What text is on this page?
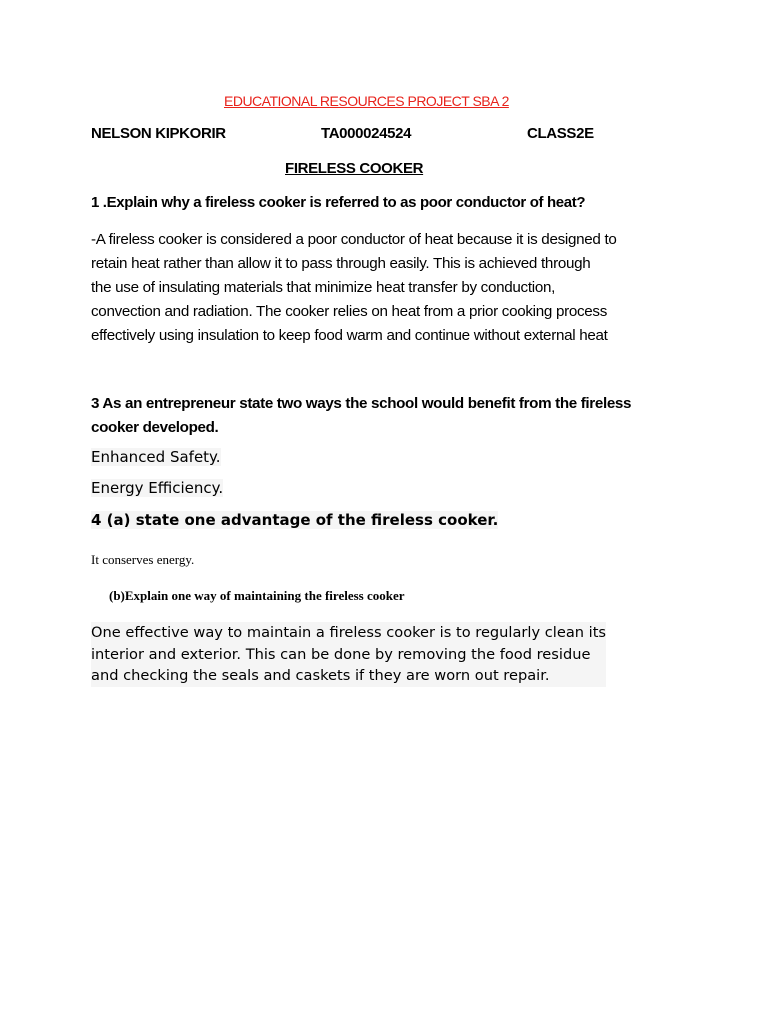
EDUCATIONAL RESOURCES PROJECT SBA 2
NELSON KIPKORIR	TA000024524	CLASS2E
FIRELESS COOKER
1 .Explain why a fireless cooker is referred to as poor conductor of heat?
-A fireless cooker is considered a poor conductor of heat because it is designed to
retain heat rather than allow it to pass through easily. This is achieved through
the use of insulating materials that minimize heat transfer by conduction,
convection and radiation. The cooker relies on heat from a prior cooking process
effectively using insulation to keep food warm and continue without external heat
3 As an entrepreneur state two ways the school would benefit from the fireless
cooker developed.
Enhanced Safety.
Energy Efficiency.
4 (a) state one advantage of the fireless cooker.
It conserves energy.
(b)Explain one way of maintaining the fireless cooker
One effective way to maintain a fireless cooker is to regularly clean its
interior and exterior. This can be done by removing the food residue
and checking the seals and caskets if they are worn out repair.
